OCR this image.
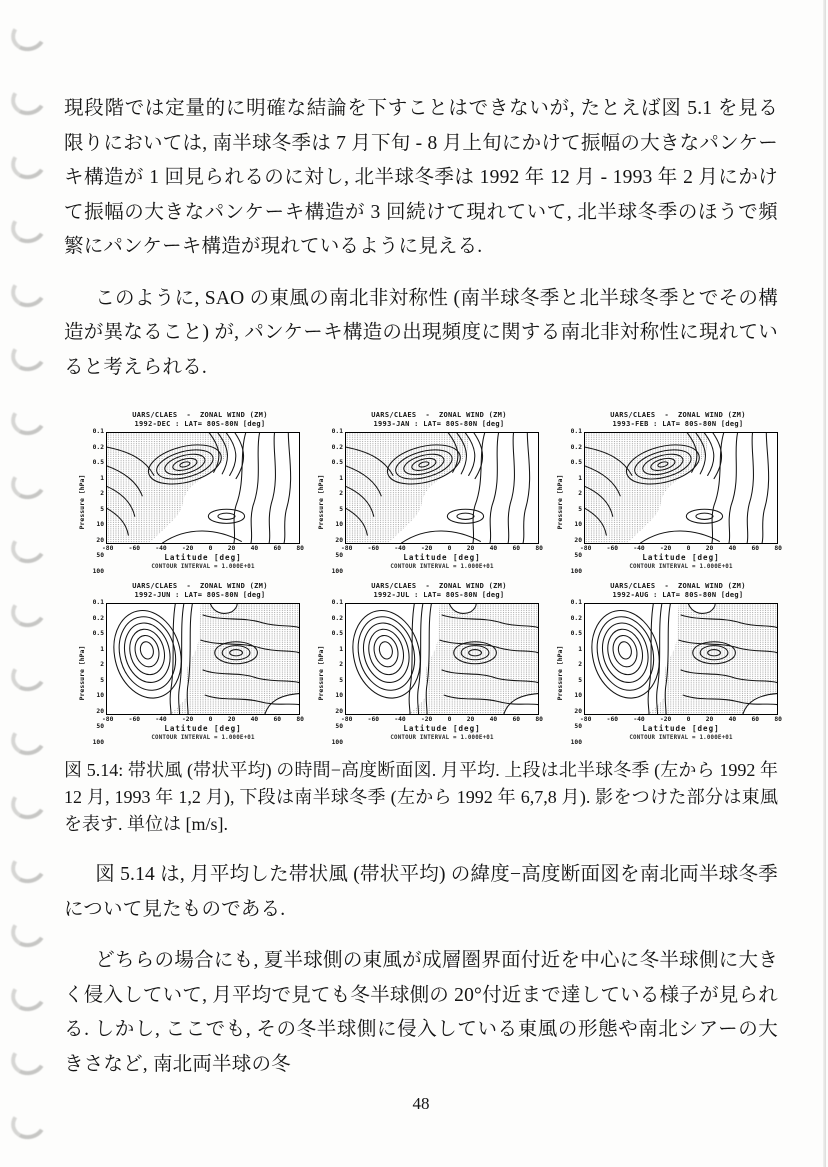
現段階では定量的に明確な結論を下すことはできないが, たとえば図 5.1 を見る限りにおいては, 南半球冬季は 7 月下旬 - 8 月上旬にかけて振幅の大きなパンケーキ構造が 1 回見られるのに対し, 北半球冬季は 1992 年 12 月 - 1993 年 2 月にかけて振幅の大きなパンケーキ構造が 3 回続けて現れていて, 北半球冬季のほうで頻繁にパンケーキ構造が現れているように見える.

このように, SAO の東風の南北非対称性 (南半球冬季と北半球冬季とでその構造が異なること) が, パンケーキ構造の出現頻度に関する南北非対称性に現れていると考えられる.

UARS/CLAES  -  ZONAL WIND (ZM)
1992-DEC : LAT= 80S-80N [deg]
Pressure [hPa]
0.1
0.2
0.5
1
2
5
10
20
50
100
-80 -60 -40 -20 0 20 40 60 80
Latitude [deg]
CONTOUR INTERVAL = 1.000E+01
UARS/CLAES  -  ZONAL WIND (ZM)
1993-JAN : LAT= 80S-80N [deg]
Pressure [hPa]
0.1
0.2
0.5
1
2
5
10
20
50
100
-80 -60 -40 -20 0 20 40 60 80
Latitude [deg]
CONTOUR INTERVAL = 1.000E+01
UARS/CLAES  -  ZONAL WIND (ZM)
1993-FEB : LAT= 80S-80N [deg]
Pressure [hPa]
0.1
0.2
0.5
1
2
5
10
20
50
100
-80 -60 -40 -20 0 20 40 60 80
Latitude [deg]
CONTOUR INTERVAL = 1.000E+01
UARS/CLAES  -  ZONAL WIND (ZM)
1992-JUN : LAT= 80S-80N [deg]
Pressure [hPa]
0.1
0.2
0.5
1
2
5
10
20
50
100
-80 -60 -40 -20 0 20 40 60 80
Latitude [deg]
CONTOUR INTERVAL = 1.000E+01
UARS/CLAES  -  ZONAL WIND (ZM)
1992-JUL : LAT= 80S-80N [deg]
Pressure [hPa]
0.1
0.2
0.5
1
2
5
10
20
50
100
-80 -60 -40 -20 0 20 40 60 80
Latitude [deg]
CONTOUR INTERVAL = 1.000E+01
UARS/CLAES  -  ZONAL WIND (ZM)
1992-AUG : LAT= 80S-80N [deg]
Pressure [hPa]
0.1
0.2
0.5
1
2
5
10
20
50
100
-80 -60 -40 -20 0 20 40 60 80
Latitude [deg]
CONTOUR INTERVAL = 1.000E+01
図 5.14: 帯状風 (帯状平均) の時間−高度断面図. 月平均. 上段は北半球冬季 (左から 1992 年 12 月, 1993 年 1,2 月), 下段は南半球冬季 (左から 1992 年 6,7,8 月). 影をつけた部分は東風を表す. 単位は [m/s].

図 5.14 は, 月平均した帯状風 (帯状平均) の緯度−高度断面図を南北両半球冬季について見たものである.

どちらの場合にも, 夏半球側の東風が成層圏界面付近を中心に冬半球側に大きく侵入していて, 月平均で見ても冬半球側の 20°付近まで達している様子が見られる. しかし, ここでも, その冬半球側に侵入している東風の形態や南北シアーの大きさなど, 南北両半球の冬

48
